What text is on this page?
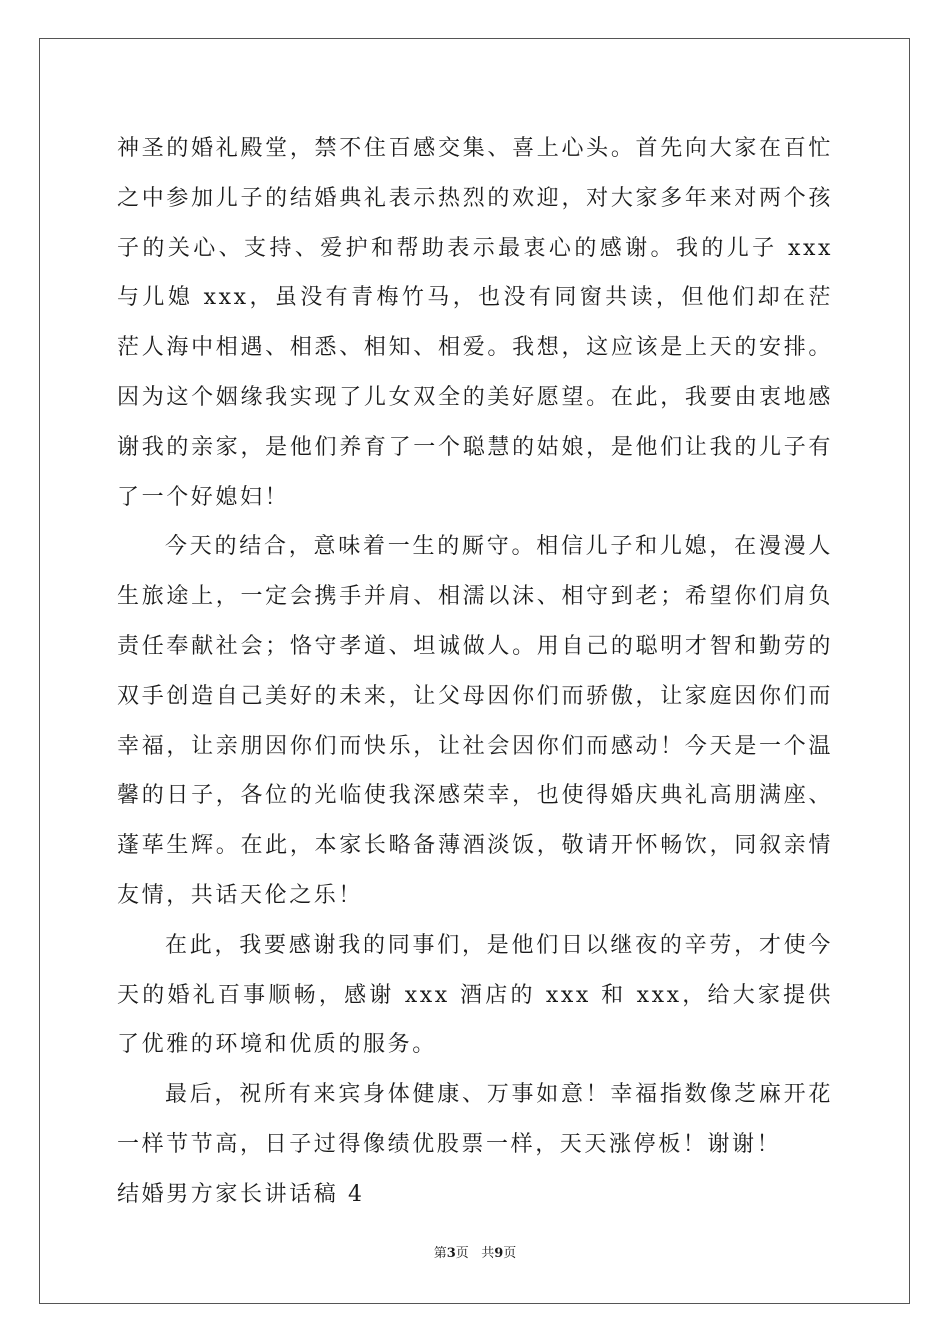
神圣的婚礼殿堂，禁不住百感交集、喜上心头。首先向大家在百忙之中参加儿子的结婚典礼表示热烈的欢迎，对大家多年来对两个孩子的关心、支持、爱护和帮助表示最衷心的感谢。我的儿子 xxx 与儿媳 xxx，虽没有青梅竹马，也没有同窗共读，但他们却在茫茫人海中相遇、相悉、相知、相爱。我想，这应该是上天的安排。因为这个姻缘我实现了儿女双全的美好愿望。在此，我要由衷地感谢我的亲家，是他们养育了一个聪慧的姑娘，是他们让我的儿子有了一个好媳妇！

今天的结合，意味着一生的厮守。相信儿子和儿媳，在漫漫人生旅途上，一定会携手并肩、相濡以沫、相守到老；希望你们肩负责任奉献社会；恪守孝道、坦诚做人。用自己的聪明才智和勤劳的双手创造自己美好的未来，让父母因你们而骄傲，让家庭因你们而幸福，让亲朋因你们而快乐，让社会因你们而感动！今天是一个温馨的日子，各位的光临使我深感荣幸，也使得婚庆典礼高朋满座、蓬荜生辉。在此，本家长略备薄酒淡饭，敬请开怀畅饮，同叙亲情友情，共话天伦之乐！

在此，我要感谢我的同事们，是他们日以继夜的辛劳，才使今天的婚礼百事顺畅，感谢 xxx 酒店的 xxx 和 xxx，给大家提供了优雅的环境和优质的服务。

最后，祝所有来宾身体健康、万事如意！幸福指数像芝麻开花一样节节高，日子过得像绩优股票一样，天天涨停板！谢谢！

结婚男方家长讲话稿 4

第3页 共9页
